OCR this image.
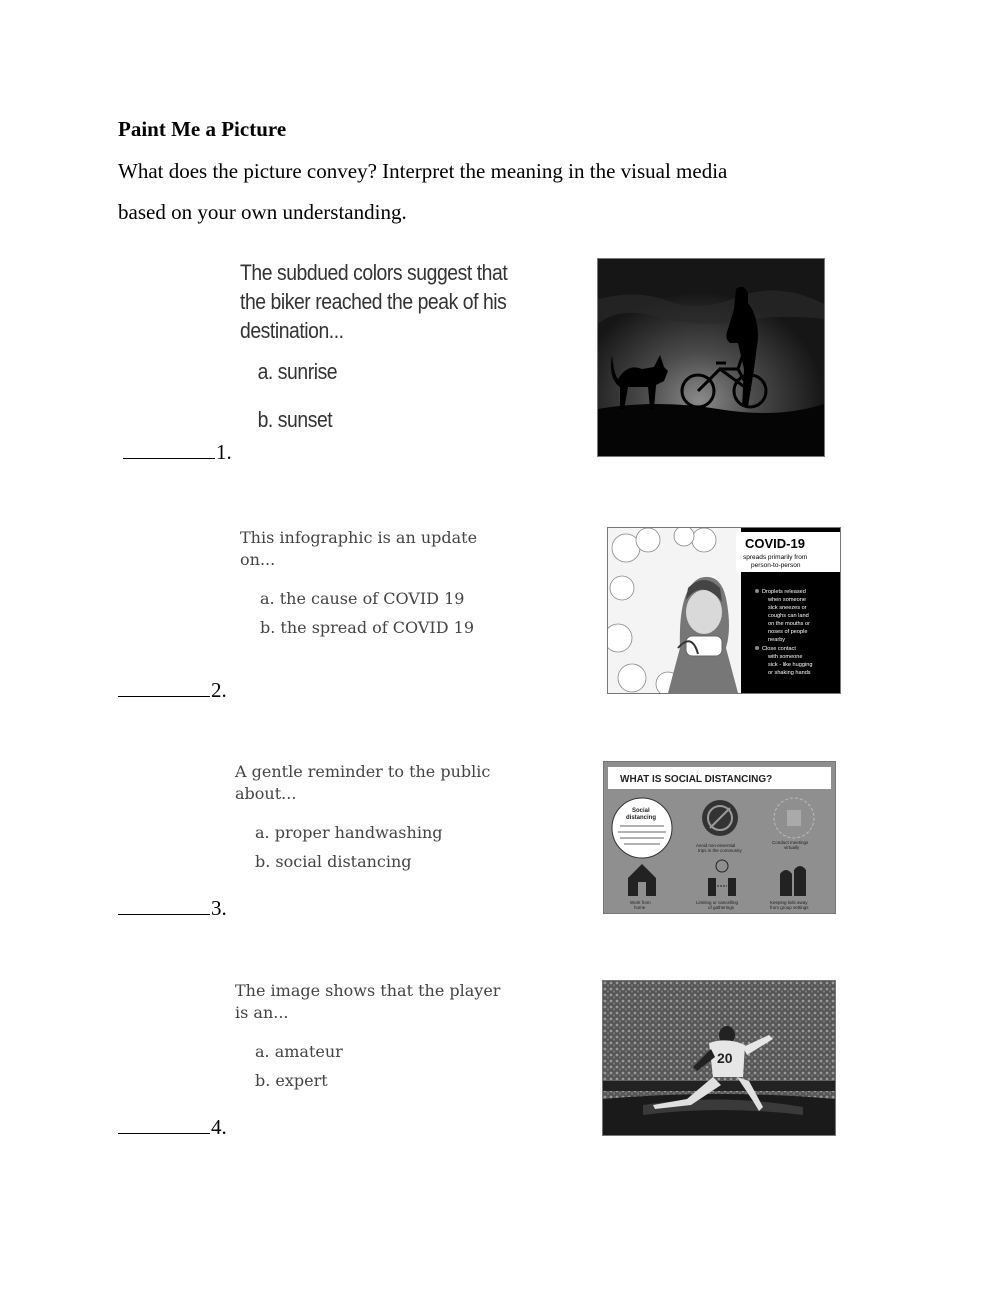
Paint Me a Picture
What does the picture convey? Interpret the meaning in the visual media
based on your own understanding.
The subdued colors suggest that
the biker reached the peak of his
destination...
a. sunrise
b. sunset
1.
This infographic is an update
on...
a. the cause of COVID 19
b. the spread of COVID 19
2.
COVID-19
spreads primarily from
person-to-person
Droplets released
when someone
sick sneezes or
coughs can land
on the mouths or
noses of people
nearby
Close contact
with someone
sick - like hugging
or shaking hands
A gentle reminder to the public
about...
a. proper handwashing
b. social distancing
3.
WHAT IS SOCIAL DISTANCING?
Social
distancing
Avoid non-essential
trips in the community
Conduct meetings
virtually
Work from
home
Limiting or cancelling
of gatherings
Keeping kids away
from group settings
The image shows that the player
is an...
a. amateur
b. expert
4.
20
